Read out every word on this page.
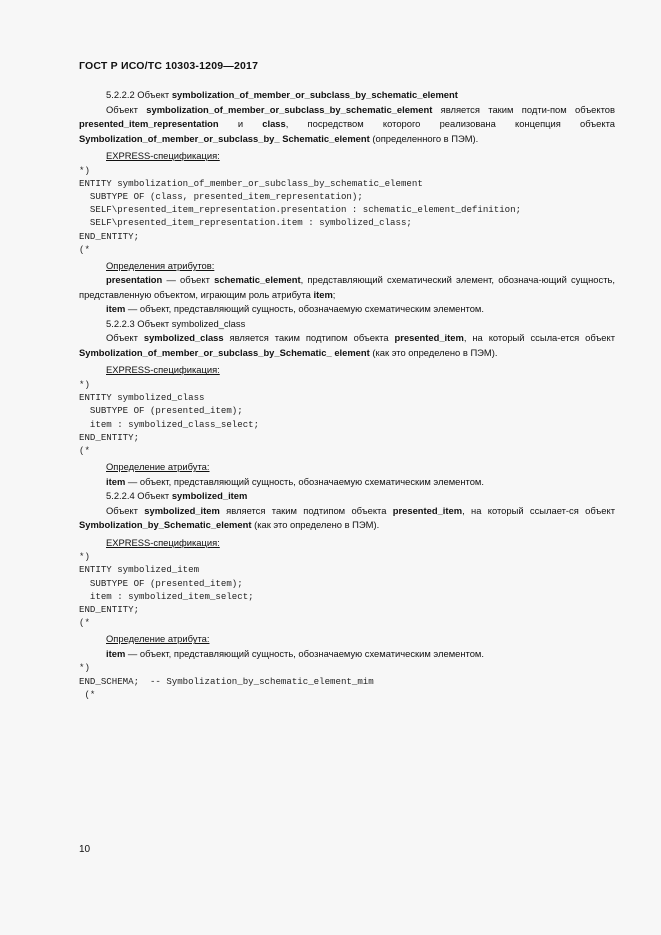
ГОСТ Р ИСО/ТС 10303-1209—2017

5.2.2.2 Объект symbolization_of_member_or_subclass_by_schematic_element

Объект symbolization_of_member_or_subclass_by_schematic_element является таким подти-пом объектов presented_item_representation и class, посредством которого реализована концепция объекта Symbolization_of_member_or_subclass_by_ Schematic_element (определенного в ПЭМ).

EXPRESS-спецификация:
*)
ENTITY symbolization_of_member_or_subclass_by_schematic_element
SUBTYPE OF (class, presented_item_representation);
SELF\presented_item_representation.presentation : schematic_element_definition;
SELF\presented_item_representation.item : symbolized_class;
END_ENTITY;
(*
Определения атрибутов:

presentation — объект schematic_element, представляющий схематический элемент, обознача-ющий сущность, представленную объектом, играющим роль атрибута item;

item — объект, представляющий сущность, обозначаемую схематическим элементом.

5.2.2.3 Объект symbolized_class

Объект symbolized_class является таким подтипом объекта presented_item, на который ссыла-ется объект Symbolization_of_member_or_subclass_by_Schematic_ element (как это определено в ПЭМ).

EXPRESS-спецификация:
*)
ENTITY symbolized_class
SUBTYPE OF (presented_item);
item : symbolized_class_select;
END_ENTITY;
(*
Определение атрибута:

item — объект, представляющий сущность, обозначаемую схематическим элементом.

5.2.2.4 Объект symbolized_item

Объект symbolized_item является таким подтипом объекта presented_item, на который ссылает-ся объект Symbolization_by_Schematic_element (как это определено в ПЭМ).

EXPRESS-спецификация:
*)
ENTITY symbolized_item
SUBTYPE OF (presented_item);
item : symbolized_item_select;
END_ENTITY;
(*
Определение атрибута:

item — объект, представляющий сущность, обозначаемую схематическим элементом.

*)
END_SCHEMA;  -- Symbolization_by_schematic_element_mim
(*
10
